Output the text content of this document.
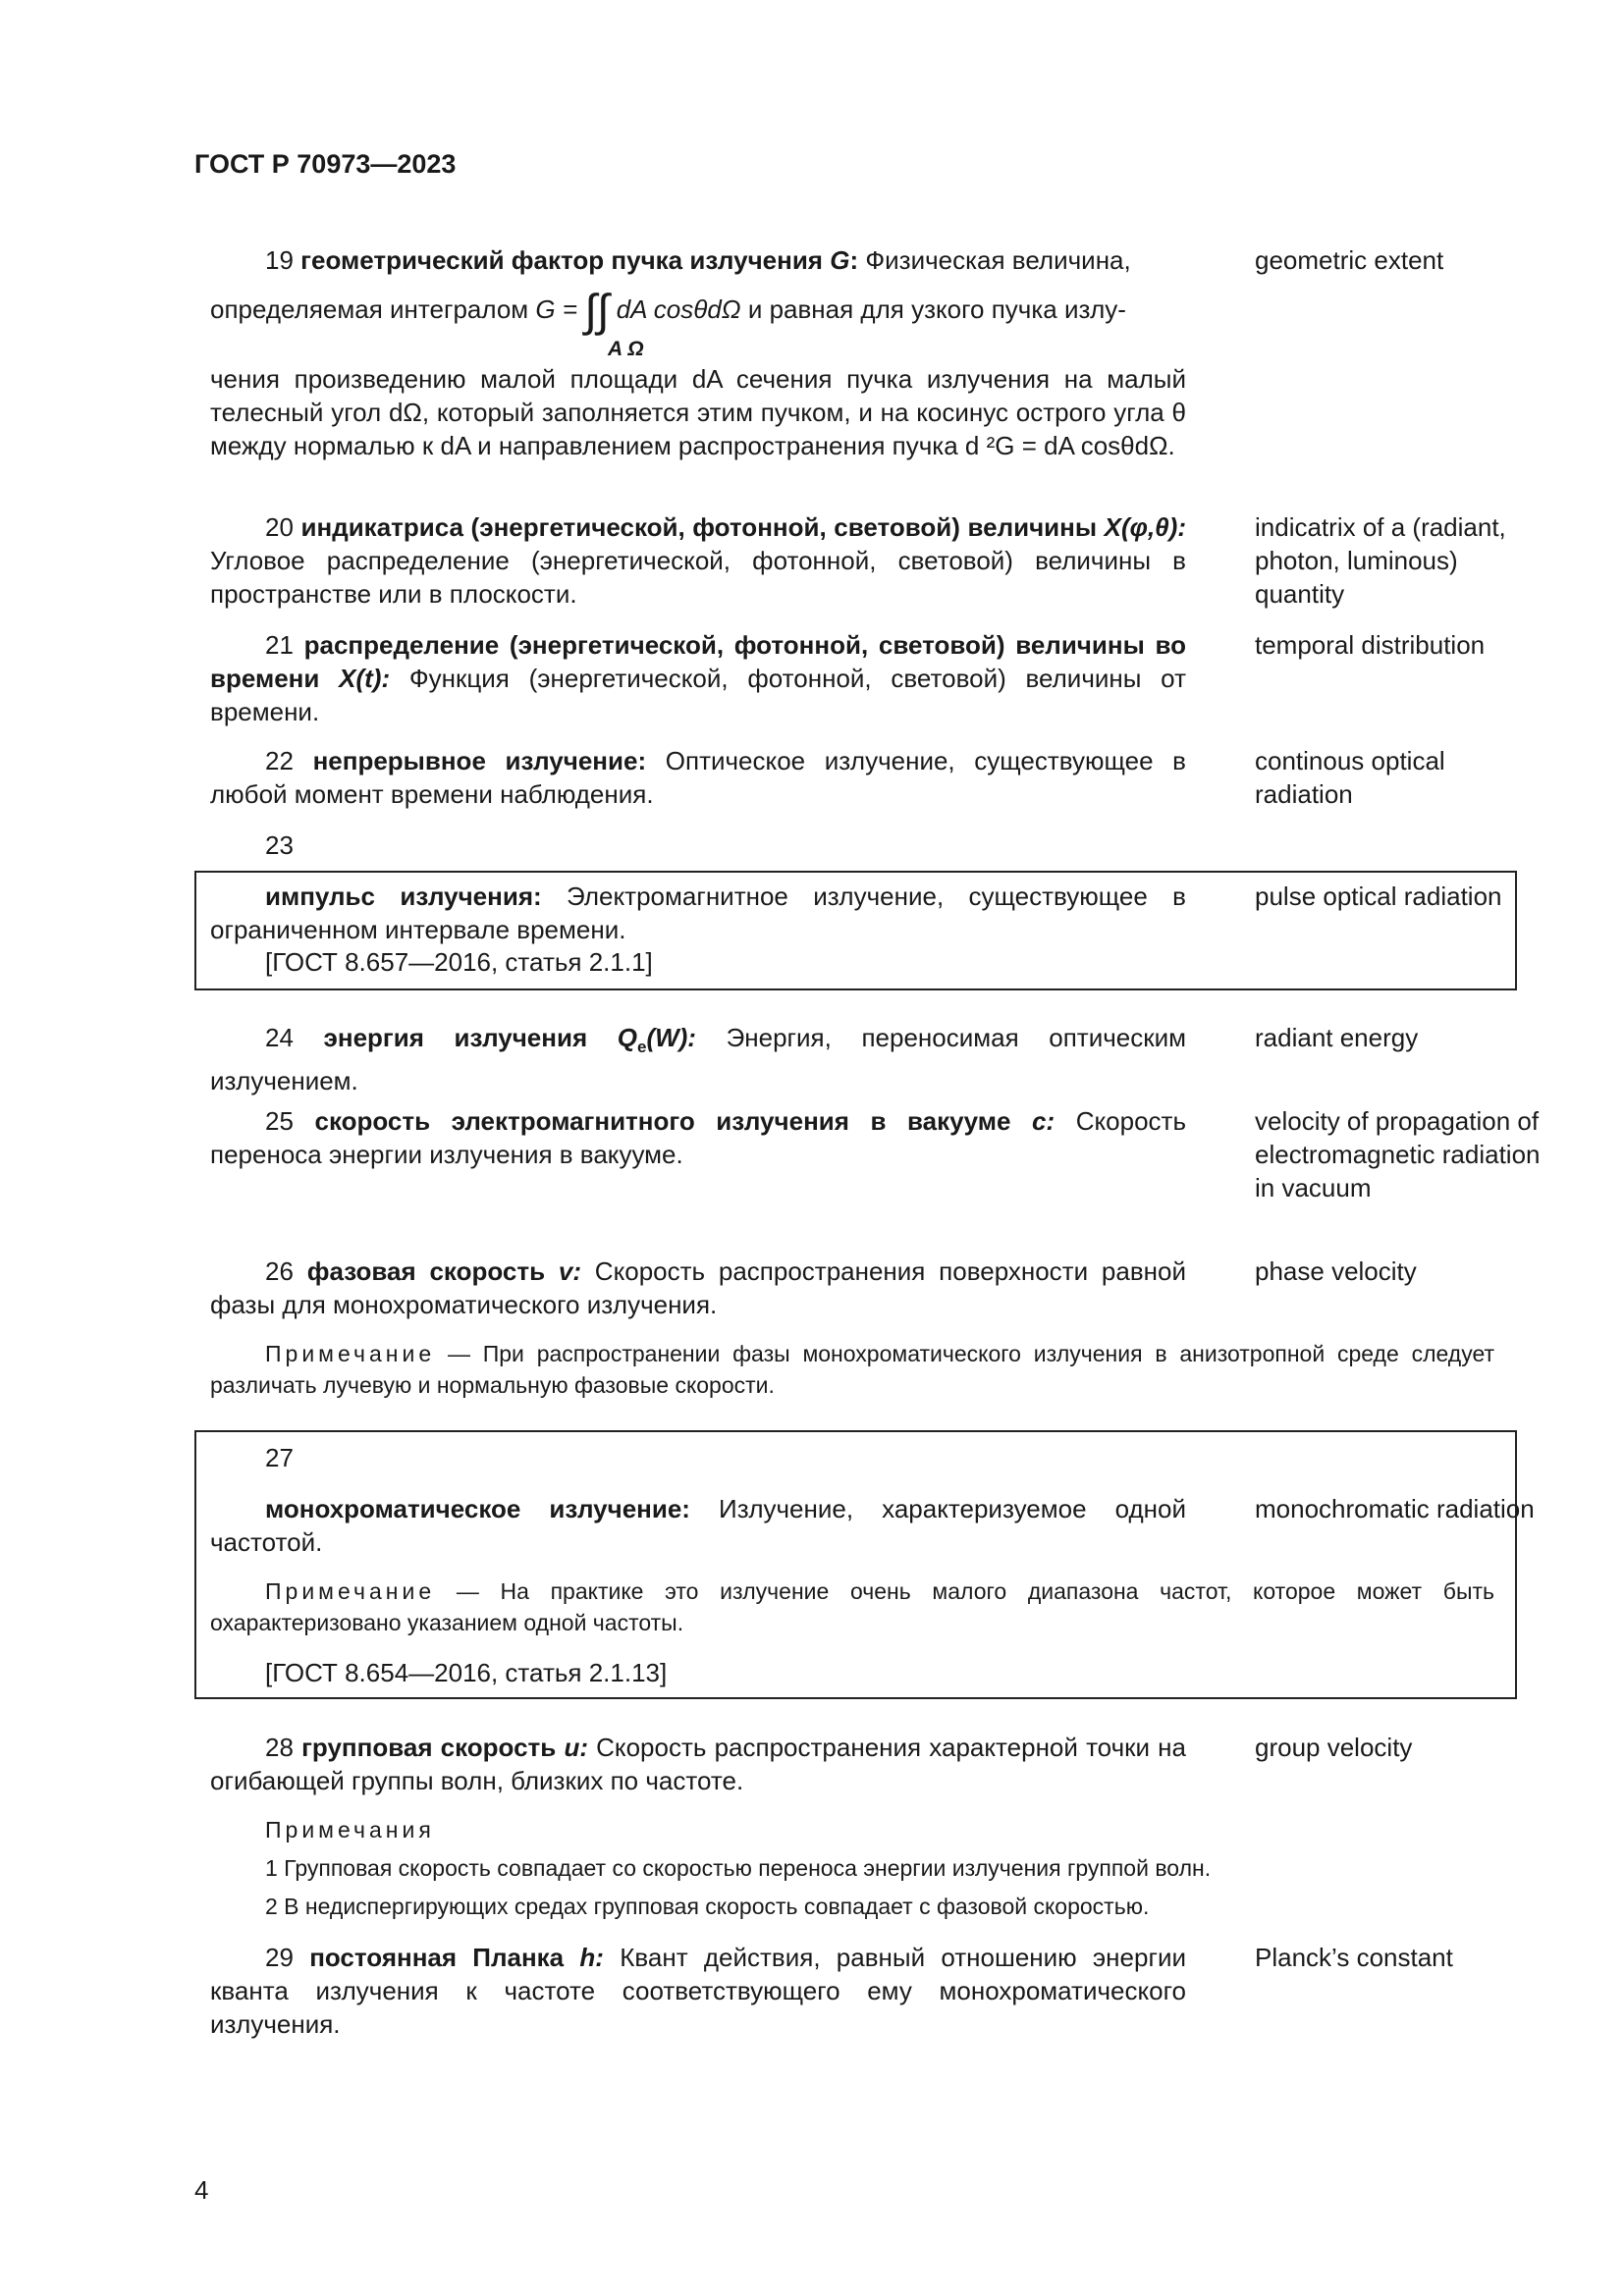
ГОСТ Р 70973—2023
19 геометрический фактор пучка излучения G: Физическая величина,
определяемая интегралом G = ∫∫ dA cosθdΩ и равная для узкого пучка излу-
A Ω
чения произведению малой площади dA сечения пучка излучения на малый телесный угол dΩ, который заполняется этим пучком, и на косинус острого угла θ между нормалью к dA и направлением распространения пучка d ²G = dA cosθdΩ.
geometric extent
20 индикатриса (энергетической, фотонной, световой) величины X(φ,θ): Угловое распределение (энергетической, фотонной, световой) величины в пространстве или в плоскости.
indicatrix of a (radiant, photon, luminous) quantity
21 распределение (энергетической, фотонной, световой) величины во времени X(t): Функция (энергетической, фотонной, световой) величины от времени.
temporal distribution
22 непрерывное излучение: Оптическое излучение, существующее в любой момент времени наблюдения.
continous optical radiation
23
импульс излучения: Электромагнитное излучение, существующее в ограниченном интервале времени.
[ГОСТ 8.657—2016, статья 2.1.1]
pulse optical radiation
24 энергия излучения $Q_e(W)$: Энергия, переносимая оптическим излучением.
radiant energy
25 скорость электромагнитного излучения в вакууме c: Скорость переноса энергии излучения в вакууме.
velocity of propagation of electromagnetic radiation in vacuum
26 фазовая скорость v: Скорость распространения поверхности равной фазы для монохроматического излучения.
phase velocity
Примечание — При распространении фазы монохроматического излучения в анизотропной среде следует различать лучевую и нормальную фазовые скорости.
27
монохроматическое излучение: Излучение, характеризуемое одной частотой.
monochromatic radiation
Примечание — На практике это излучение очень малого диапазона частот, которое может быть охарактеризовано указанием одной частоты.
[ГОСТ 8.654—2016, статья 2.1.13]
28 групповая скорость u: Скорость распространения характерной точки на огибающей группы волн, близких по частоте.
group velocity
Примечания
1 Групповая скорость совпадает со скоростью переноса энергии излучения группой волн.
2 В недиспергирующих средах групповая скорость совпадает с фазовой скоростью.
29 постоянная Планка h: Квант действия, равный отношению энергии кванта излучения к частоте соответствующего ему монохроматического излучения.
Planck’s constant
4
